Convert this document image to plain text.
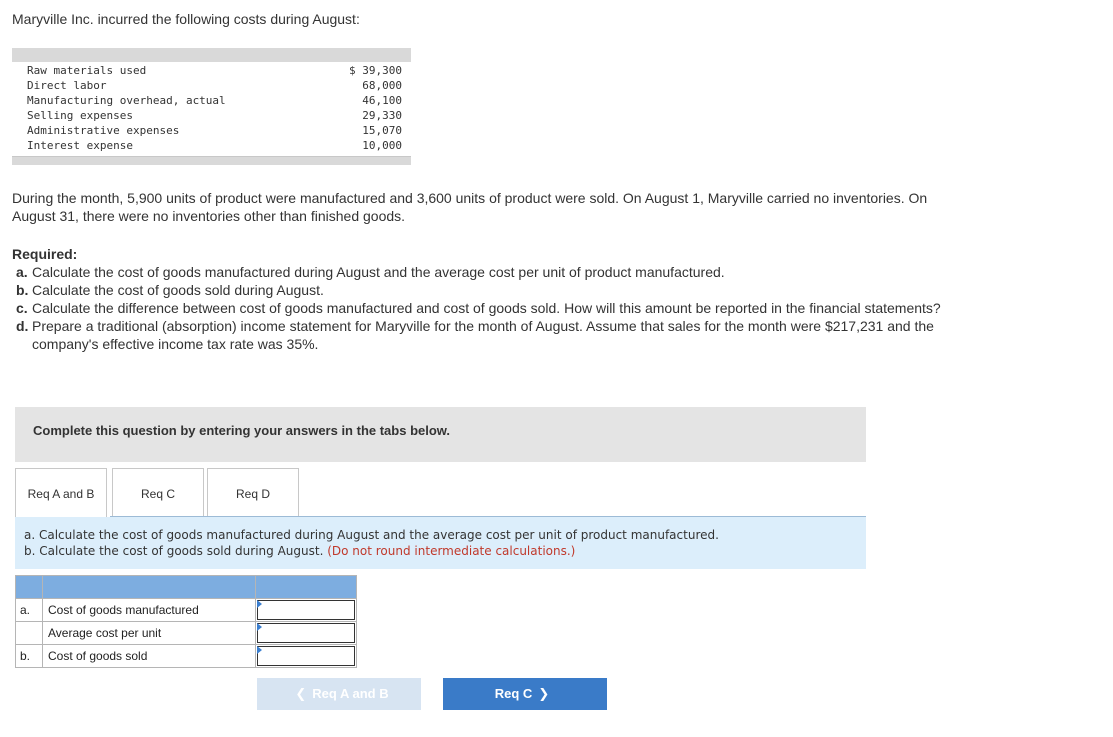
Maryville Inc. incurred the following costs during August:
Raw materials used	$ 39,300
Direct labor	68,000
Manufacturing overhead, actual	46,100
Selling expenses	29,330
Administrative expenses	15,070
Interest expense	10,000
During the month, 5,900 units of product were manufactured and 3,600 units of product were sold. On August 1, Maryville carried no inventories. On August 31, there were no inventories other than finished goods.
Required:
a. Calculate the cost of goods manufactured during August and the average cost per unit of product manufactured.
b. Calculate the cost of goods sold during August.
c. Calculate the difference between cost of goods manufactured and cost of goods sold. How will this amount be reported in the financial statements?
d. Prepare a traditional (absorption) income statement for Maryville for the month of August. Assume that sales for the month were $217,231 and the company's effective income tax rate was 35%.
Complete this question by entering your answers in the tabs below.
Req A and B	Req C	Req D
a. Calculate the cost of goods manufactured during August and the average cost per unit of product manufactured.
b. Calculate the cost of goods sold during August. (Do not round intermediate calculations.)

a.	Cost of goods manufactured	

	Average cost per unit	

b.	Cost of goods sold	
❮ Req A and B	Req C ❯
